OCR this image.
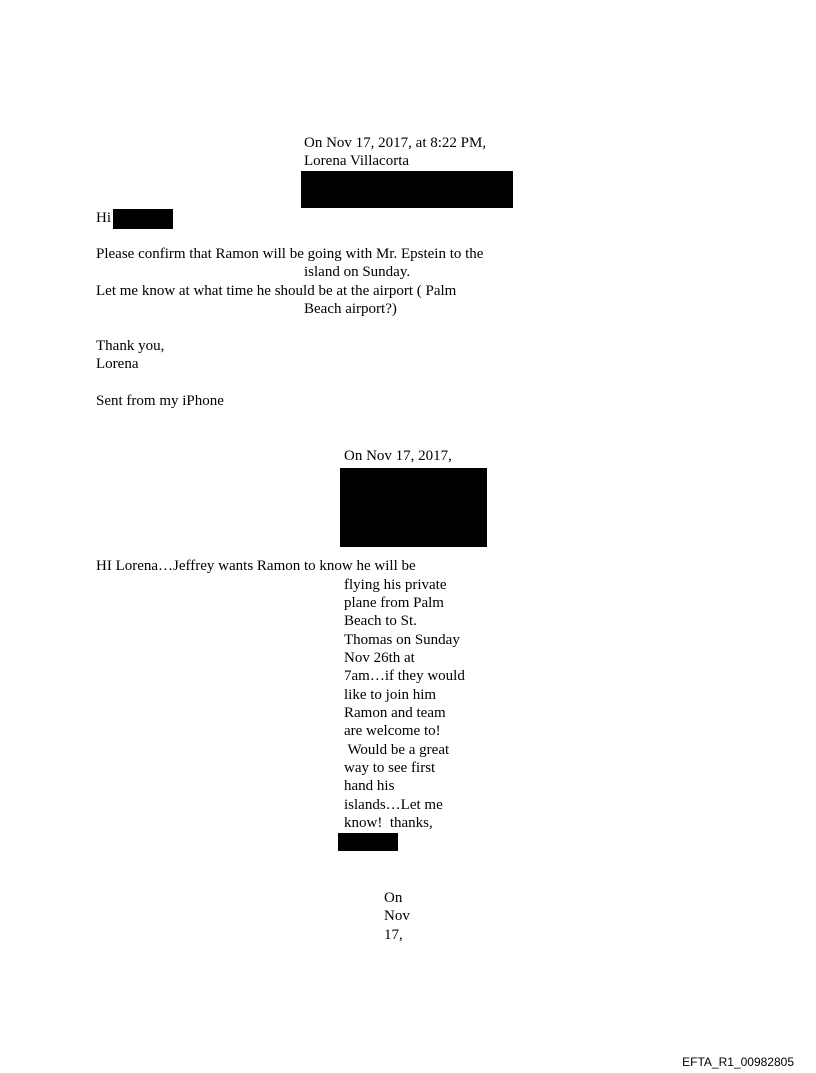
On Nov 17, 2017, at 8:22 PM,
Lorena Villacorta
Hi
Please confirm that Ramon will be going with Mr. Epstein to the
island on Sunday.
Let me know at what time he should be at the airport ( Palm
Beach airport?)
Thank you,
Lorena
Sent from my iPhone
On Nov 17, 2017,
HI Lorena…Jeffrey wants Ramon to know he will be
flying his private
plane from Palm
Beach to St.
Thomas on Sunday
Nov 26th at
7am…if they would
like to join him
Ramon and team
are welcome to!
Would be a great
way to see first
hand his
islands…Let me
know!  thanks,
On
Nov
17,
EFTA_R1_00982805
